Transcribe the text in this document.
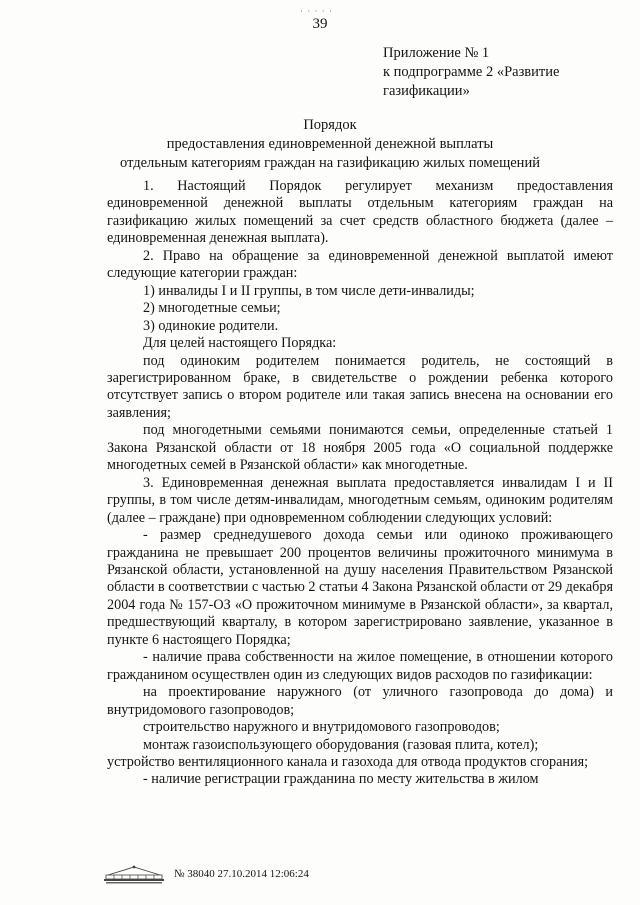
· · · · ·
39
Приложение № 1
к подпрограмме 2 «Развитие
газификации»
Порядок
предоставления единовременной денежной выплаты
отдельным категориям граждан на газификацию жилых помещений

1. Настоящий Порядок регулирует механизм предоставления единовременной денежной выплаты отдельным категориям граждан на газификацию жилых помещений за счет средств областного бюджета (далее – единовременная денежная выплата).

2. Право на обращение за единовременной денежной выплатой имеют следующие категории граждан:

1) инвалиды I и II группы, в том числе дети-инвалиды;

2) многодетные семьи;

3) одинокие родители.

Для целей настоящего Порядка:

под одиноким родителем понимается родитель, не состоящий в зарегистрированном браке, в свидетельстве о рождении ребенка которого отсутствует запись о втором родителе или такая запись внесена на основании его заявления;

под многодетными семьями понимаются семьи, определенные статьей 1 Закона Рязанской области от 18 ноября 2005 года «О социальной поддержке многодетных семей в Рязанской области» как многодетные.

3. Единовременная денежная выплата предоставляется инвалидам I и II группы, в том числе детям-инвалидам, многодетным семьям, одиноким родителям (далее – граждане) при одновременном соблюдении следующих условий:

- размер среднедушевого дохода семьи или одиноко проживающего гражданина не превышает 200 процентов величины прожиточного минимума в Рязанской области, установленной на душу населения Правительством Рязанской области в соответствии с частью 2 статьи 4 Закона Рязанской области от 29 декабря 2004 года № 157-ОЗ «О прожиточном минимуме в Рязанской области», за квартал, предшествующий кварталу, в котором зарегистрировано заявление, указанное в пункте 6 настоящего Порядка;

- наличие права собственности на жилое помещение, в отношении которого гражданином осуществлен один из следующих видов расходов по газификации:

на проектирование наружного (от уличного газопровода до дома) и внутридомового газопроводов;

строительство наружного и внутридомового газопроводов;

монтаж газоиспользующего оборудования (газовая плита, котел);

устройство вентиляционного канала и газохода для отвода продуктов сгорания;

- наличие регистрации гражданина по месту жительства в жилом

№ 38040 27.10.2014 12:06:24
